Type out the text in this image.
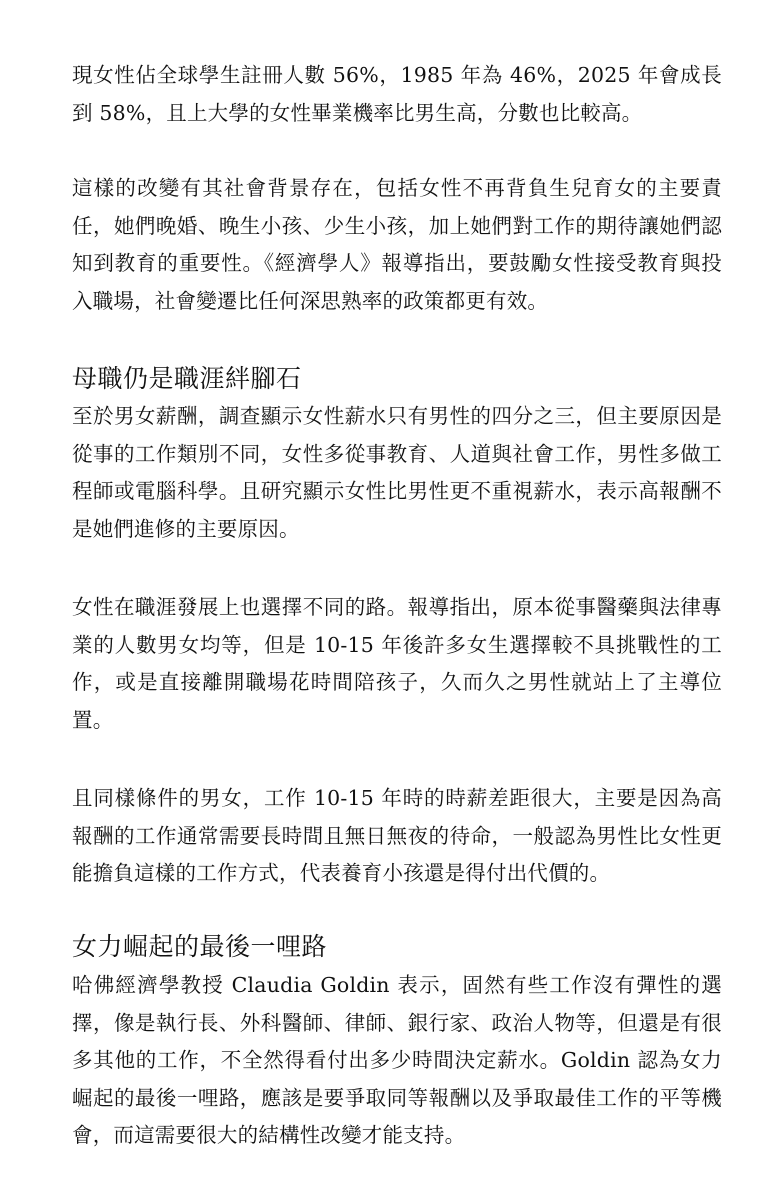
現女性佔全球學生註冊人數 56%，1985 年為 46%，2025 年會成長到 58%，且上大學的女性畢業機率比男生高，分數也比較高。

這樣的改變有其社會背景存在，包括女性不再背負生兒育女的主要責任，她們晚婚、晚生小孩、少生小孩，加上她們對工作的期待讓她們認知到教育的重要性。《經濟學人》報導指出，要鼓勵女性接受教育與投入職場，社會變遷比任何深思熟率的政策都更有效。

母職仍是職涯絆腳石

至於男女薪酬，調查顯示女性薪水只有男性的四分之三，但主要原因是從事的工作類別不同，女性多從事教育、人道與社會工作，男性多做工程師或電腦科學。且研究顯示女性比男性更不重視薪水，表示高報酬不是她們進修的主要原因。

女性在職涯發展上也選擇不同的路。報導指出，原本從事醫藥與法律專業的人數男女均等，但是 10-15 年後許多女生選擇較不具挑戰性的工作，或是直接離開職場花時間陪孩子，久而久之男性就站上了主導位置。

且同樣條件的男女，工作 10-15 年時的時薪差距很大，主要是因為高報酬的工作通常需要長時間且無日無夜的待命，一般認為男性比女性更能擔負這樣的工作方式，代表養育小孩還是得付出代價的。

女力崛起的最後一哩路

哈佛經濟學教授 Claudia Goldin 表示，固然有些工作沒有彈性的選擇，像是執行長、外科醫師、律師、銀行家、政治人物等，但還是有很多其他的工作，不全然得看付出多少時間決定薪水。Goldin 認為女力崛起的最後一哩路，應該是要爭取同等報酬以及爭取最佳工作的平等機會，而這需要很大的結構性改變才能支持。
